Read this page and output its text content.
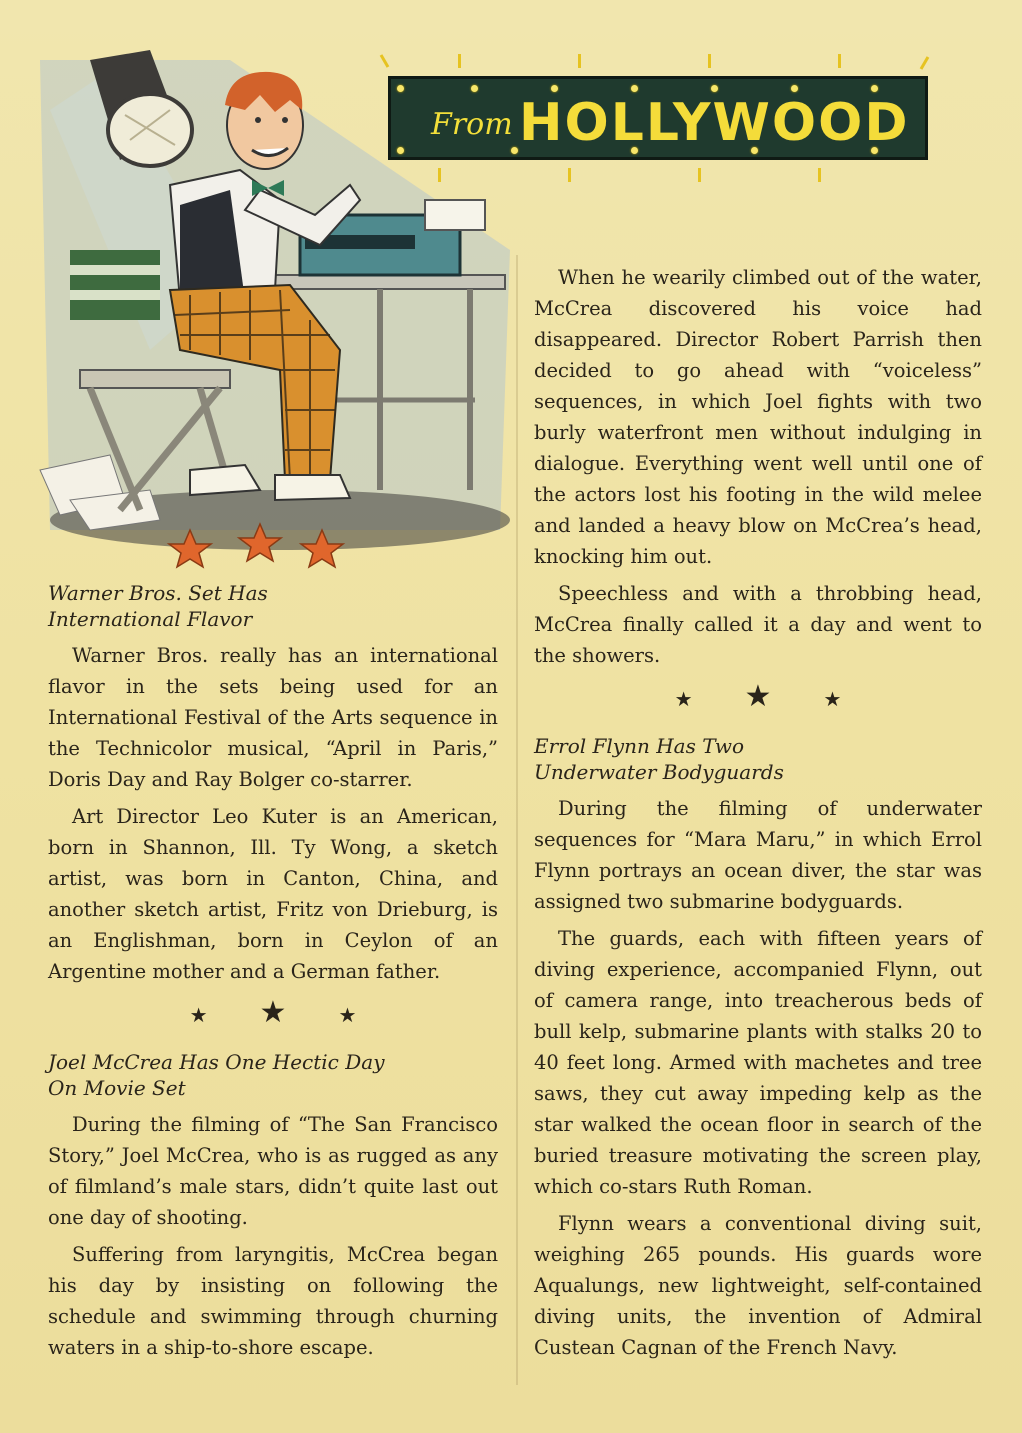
From HOLLYWOOD
Warner Bros. Set Has
International Flavor

Warner Bros. really has an international flavor in the sets being used for an International Festival of the Arts sequence in the Technicolor musical, “April in Paris,” Doris Day and Ray Bolger co-starrer.

Art Director Leo Kuter is an American, born in Shannon, Ill. Ty Wong, a sketch artist, was born in Canton, China, and another sketch artist, Fritz von Drieburg, is an Englishman, born in Ceylon of an Argentine mother and a German father.

★ ★	★
Joel McCrea Has One Hectic Day
On Movie Set

During the filming of “The San Francisco Story,” Joel McCrea, who is as rugged as any of filmland’s male stars, didn’t quite last out one day of shooting.

Suffering from laryngitis, McCrea began his day by insisting on following the schedule and swimming through churning waters in a ship-to-shore escape.

When he wearily climbed out of the water, McCrea discovered his voice had disappeared. Director Robert Parrish then decided to go ahead with “voiceless” sequences, in which Joel fights with two burly waterfront men without indulging in dialogue. Everything went well until one of the actors lost his footing in the wild melee and landed a heavy blow on McCrea’s head, knocking him out.

Speechless and with a throbbing head, McCrea finally called it a day and went to the showers.

★ ★	★
Errol Flynn Has Two
Underwater Bodyguards

During the filming of underwater sequences for “Mara Maru,” in which Errol Flynn portrays an ocean diver, the star was assigned two submarine bodyguards.

The guards, each with fifteen years of diving experience, accompanied Flynn, out of camera range, into treacherous beds of bull kelp, submarine plants with stalks 20 to 40 feet long. Armed with machetes and tree saws, they cut away impeding kelp as the star walked the ocean floor in search of the buried treasure motivating the screen play, which co-stars Ruth Roman.

Flynn wears a conventional diving suit, weighing 265 pounds. His guards wore Aqualungs, new lightweight, self-contained diving units, the invention of Admiral Custean Cagnan of the French Navy.
